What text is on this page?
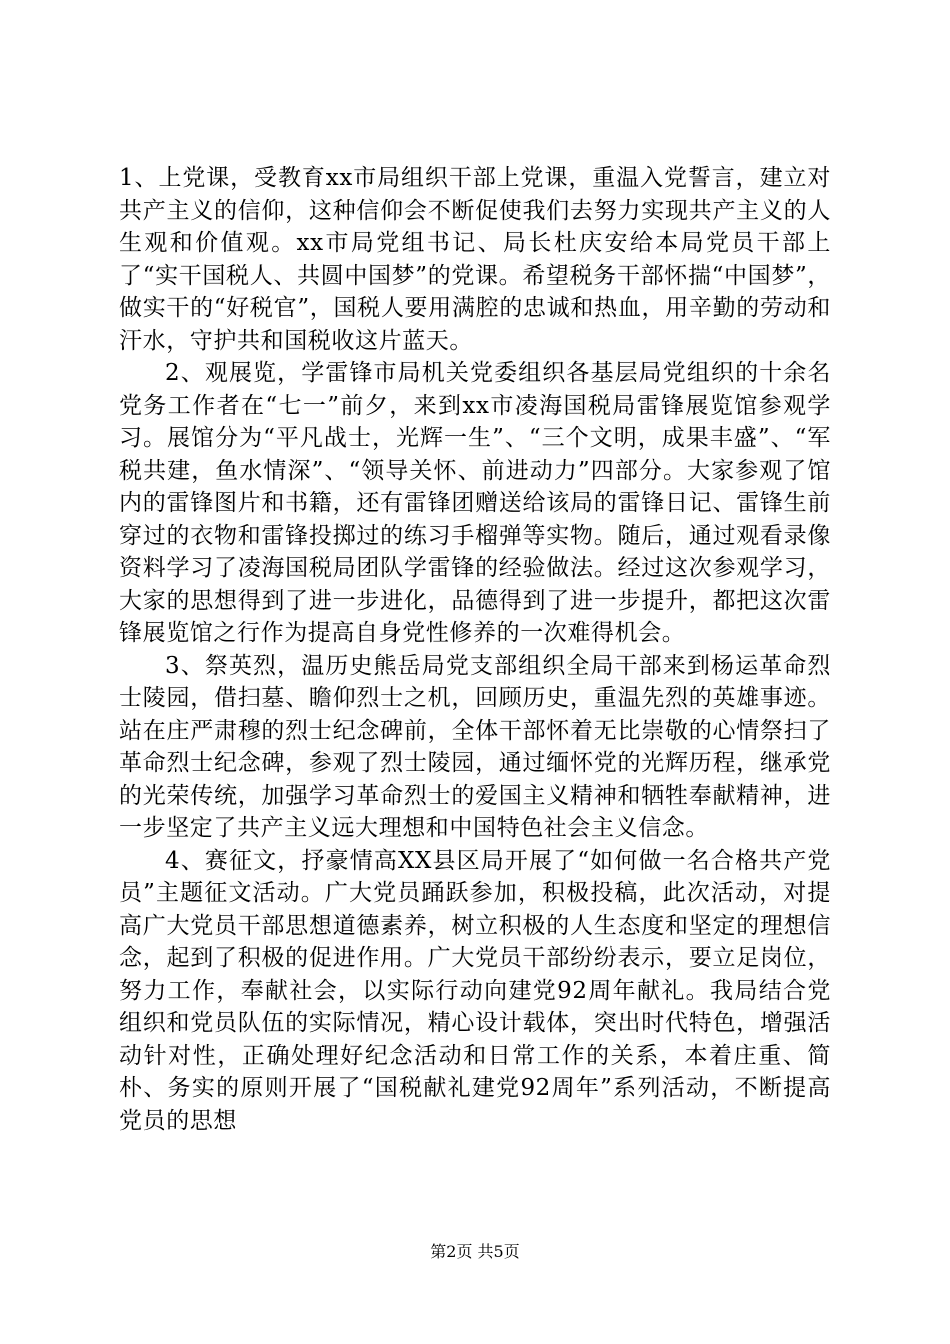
1、上党课，受教育xx市局组织干部上党课，重温入党誓言，建立对共产主义的信仰，这种信仰会不断促使我们去努力实现共产主义的人生观和价值观。xx市局党组书记、局长杜庆安给本局党员干部上了“实干国税人、共圆中国梦”的党课。希望税务干部怀揣“中国梦”，做实干的“好税官”，国税人要用满腔的忠诚和热血，用辛勤的劳动和汗水，守护共和国税收这片蓝天。

2、观展览，学雷锋市局机关党委组织各基层局党组织的十余名党务工作者在“七一”前夕，来到xx市凌海国税局雷锋展览馆参观学习。展馆分为“平凡战士，光辉一生”、“三个文明，成果丰盛”、“军税共建，鱼水情深”、“领导关怀、前进动力”四部分。大家参观了馆内的雷锋图片和书籍，还有雷锋团赠送给该局的雷锋日记、雷锋生前穿过的衣物和雷锋投掷过的练习手榴弹等实物。随后，通过观看录像资料学习了凌海国税局团队学雷锋的经验做法。经过这次参观学习，大家的思想得到了进一步进化，品德得到了进一步提升，都把这次雷锋展览馆之行作为提高自身党性修养的一次难得机会。

3、祭英烈，温历史熊岳局党支部组织全局干部来到杨运革命烈士陵园，借扫墓、瞻仰烈士之机，回顾历史，重温先烈的英雄事迹。站在庄严肃穆的烈士纪念碑前，全体干部怀着无比崇敬的心情祭扫了革命烈士纪念碑，参观了烈士陵园，通过缅怀党的光辉历程，继承党的光荣传统，加强学习革命烈士的爱国主义精神和牺牲奉献精神，进一步坚定了共产主义远大理想和中国特色社会主义信念。

4、赛征文，抒豪情高XX县区局开展了“如何做一名合格共产党员”主题征文活动。广大党员踊跃参加，积极投稿，此次活动，对提高广大党员干部思想道德素养，树立积极的人生态度和坚定的理想信念，起到了积极的促进作用。广大党员干部纷纷表示，要立足岗位，努力工作，奉献社会，以实际行动向建党92周年献礼。我局结合党组织和党员队伍的实际情况，精心设计载体，突出时代特色，增强活动针对性，正确处理好纪念活动和日常工作的关系，本着庄重、简朴、务实的原则开展了“国税献礼建党92周年”系列活动，不断提高党员的思想

第2页 共5页
